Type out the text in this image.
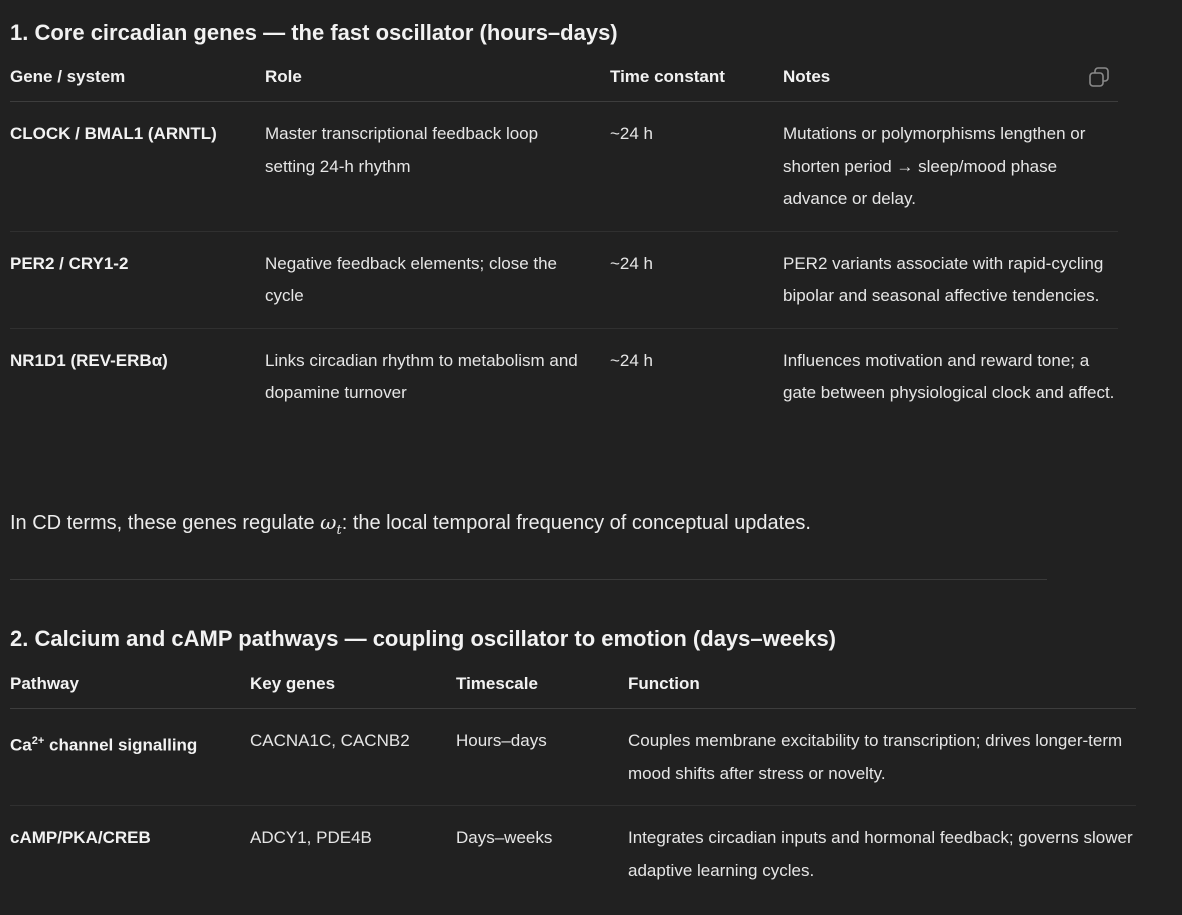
1. Core circadian genes — the fast oscillator (hours–days)
Gene / system	Role	Time constant	Notes
CLOCK / BMAL1 (ARNTL)	Master transcriptional feedback loop setting 24-h rhythm	~24 h	Mutations or polymorphisms lengthen or shorten period → sleep/mood phase advance or delay.
PER2 / CRY1-2	Negative feedback elements; close the cycle	~24 h	PER2 variants associate with rapid-cycling bipolar and seasonal affective tendencies.
NR1D1 (REV-ERBα)	Links circadian rhythm to metabolism and dopamine turnover	~24 h	Influences motivation and reward tone; a gate between physiological clock and affect.

In CD terms, these genes regulate $\omega_t$: the local temporal frequency of conceptual updates.

2. Calcium and cAMP pathways — coupling oscillator to emotion (days–weeks)
Pathway	Key genes	Timescale	Function
$Ca^{2+}$ channel signalling	CACNA1C, CACNB2	Hours–days	Couples membrane excitability to transcription; drives longer-term mood shifts after stress or novelty.
cAMP/PKA/CREB	ADCY1, PDE4B	Days–weeks	Integrates circadian inputs and hormonal feedback; governs slower adaptive learning cycles.
